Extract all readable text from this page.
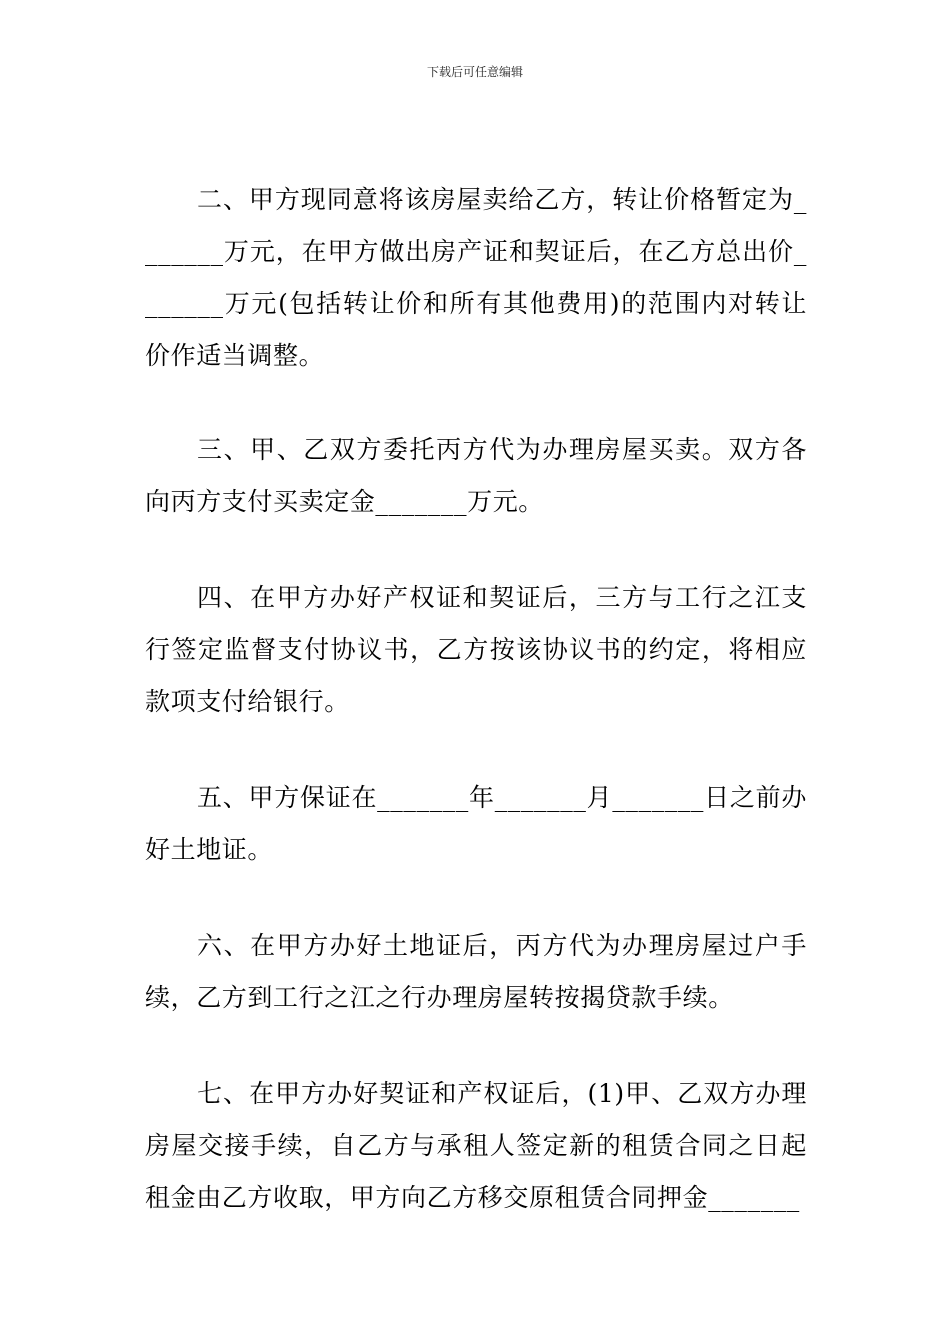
下载后可任意编辑

二、甲方现同意将该房屋卖给乙方，转让价格暂定为_______万元，在甲方做出房产证和契证后，在乙方总出价_______万元(包括转让价和所有其他费用)的范围内对转让价作适当调整。

三、甲、乙双方委托丙方代为办理房屋买卖。双方各向丙方支付买卖定金_______万元。

四、在甲方办好产权证和契证后，三方与工行之江支行签定监督支付协议书，乙方按该协议书的约定，将相应款项支付给银行。

五、甲方保证在_______年_______月_______日之前办好土地证。

六、在甲方办好土地证后，丙方代为办理房屋过户手续，乙方到工行之江之行办理房屋转按揭贷款手续。

七、在甲方办好契证和产权证后，(1)甲、乙双方办理房屋交接手续，自乙方与承租人签定新的租赁合同之日起租金由乙方收取，甲方向乙方移交原租赁合同押金_______
